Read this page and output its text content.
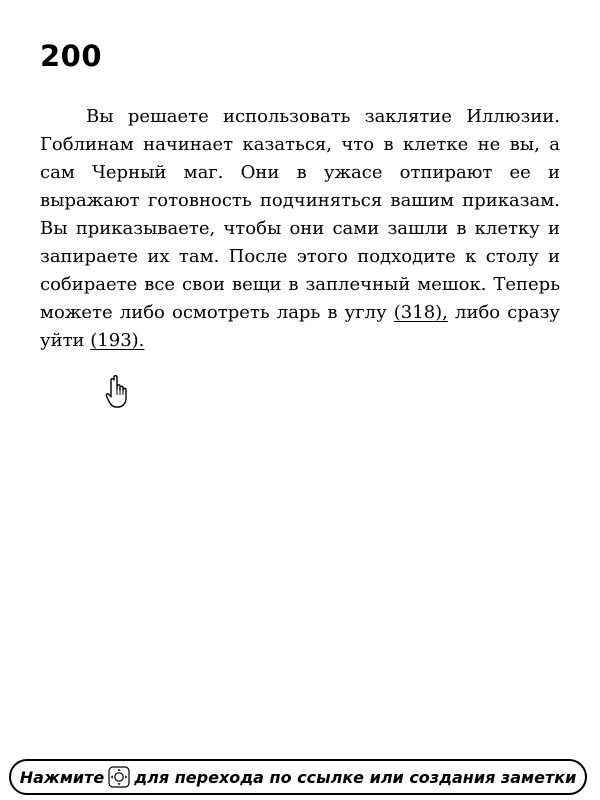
200

Вы решаете использовать заклятие Иллюзии. Гоблинам начинает казаться, что в клетке не вы, а сам Черный маг. Они в ужасе отпирают ее и выражают готовность подчиняться вашим приказам. Вы приказываете, чтобы они сами зашли в клетку и запираете их там. После этого подходите к столу и собираете все свои вещи в заплечный мешок. Теперь можете либо осмотреть ларь в углу (318), либо сразу уйти (193).

Нажмите для перехода по ссылке или создания заметки
